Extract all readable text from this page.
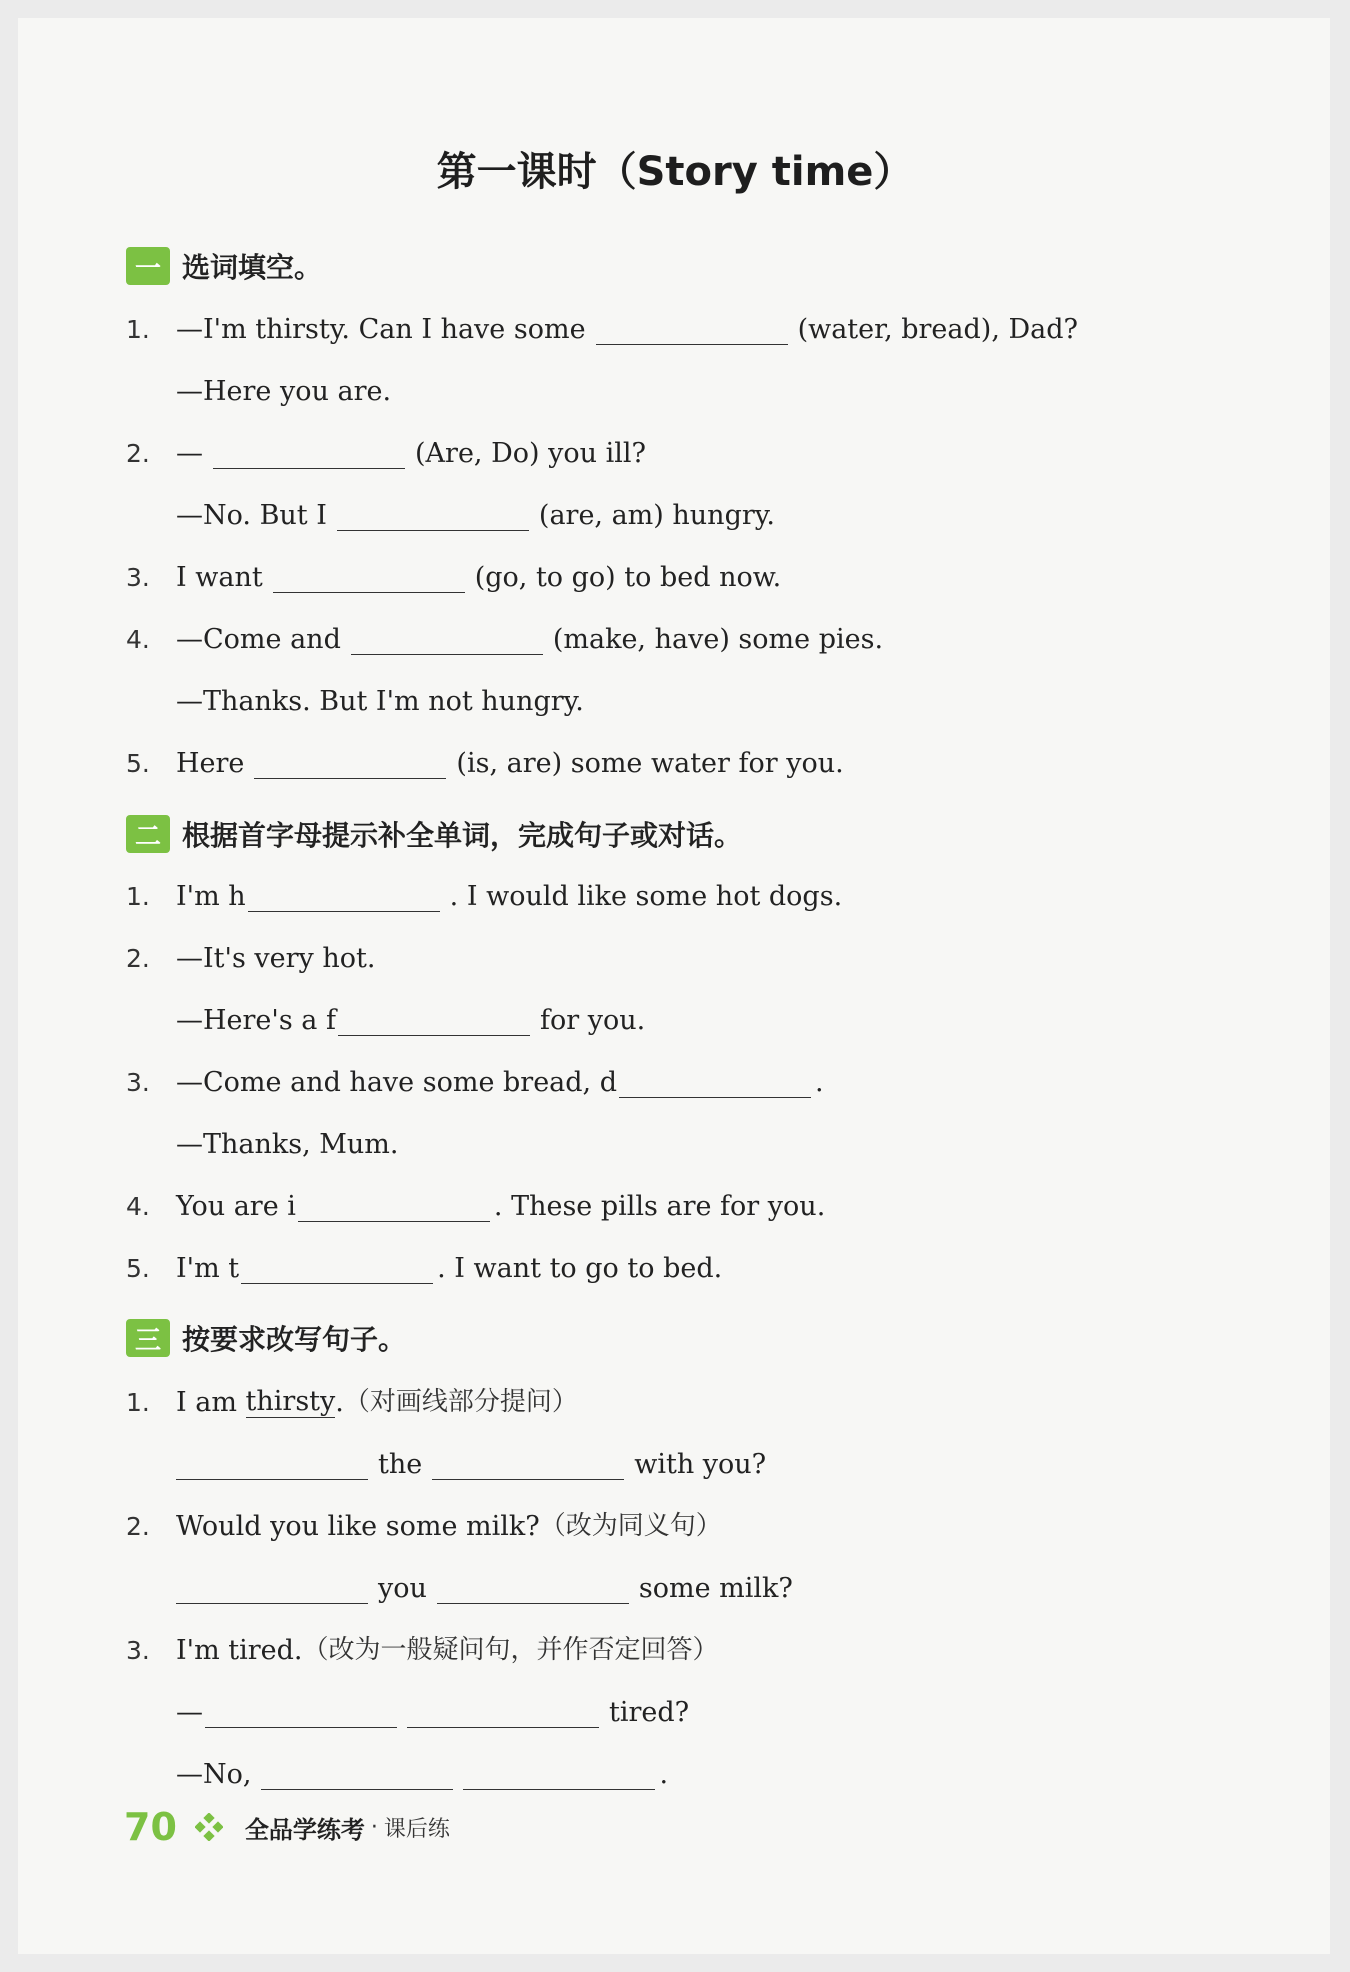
第一课时（Story time）
一 选词填空。
1. —I'm thirsty. Can I have some	(water, bread), Dad?
—Here you are.
2. —	(Are, Do) you ill?
—No. But I	(are, am) hungry.
3. I want	(go, to go) to bed now.
4. —Come and	(make, have) some pies.
—Thanks. But I'm not hungry.
5. Here	(is, are) some water for you.
二 根据首字母提示补全单词，完成句子或对话。
1. I'm h	. I would like some hot dogs.
2. —It's very hot.
—Here's a f	for you.
3. —Come and have some bread, d	.
—Thanks, Mum.
4. You are i	. These pills are for you.
5. I'm t	. I want to go to bed.
三 按要求改写句子。
1. I am
thirsty . （对画线部分提问）
the	with you?
2. Would you like some milk? （改为同义句）
you	some milk?
3. I'm tired. （改为一般疑问句，并作否定回答）
—	tired?
—No,	.
70	全品学练考 · 课后练
